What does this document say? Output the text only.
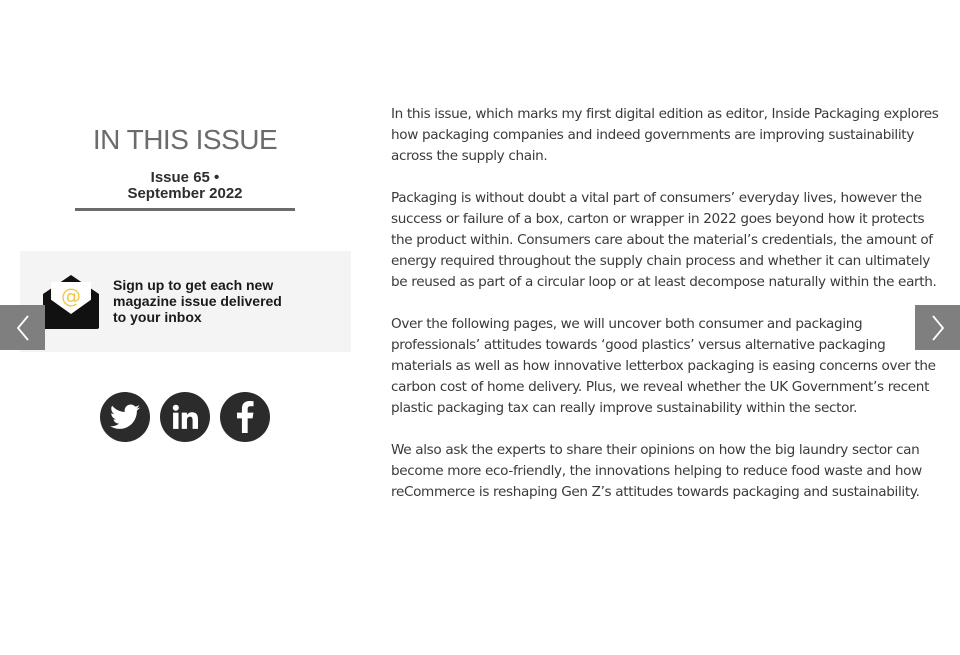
IN THIS ISSUE
Issue 65 •
September 2022
@ Sign up to get each new
magazine issue delivered
to your inbox

In this issue, which marks my first digital edition as editor, Inside Packaging explores how packaging companies and indeed governments are improving sustainability across the supply chain.

Packaging is without doubt a vital part of consumers’ everyday lives, however the success or failure of a box, carton or wrapper in 2022 goes beyond how it protects the product within. Consumers care about the material’s credentials, the amount of energy required throughout the supply chain process and whether it can ultimately be reused as part of a circular loop or at least decompose naturally within the earth.

Over the following pages, we will uncover both consumer and packaging professionals’ attitudes towards ‘good plastics’ versus alternative packaging materials as well as how innovative letterbox packaging is easing concerns over the carbon cost of home delivery. Plus, we reveal whether the UK Government’s recent plastic packaging tax can really improve sustainability within the sector.

We also ask the experts to share their opinions on how the big laundry sector can become more eco-friendly, the innovations helping to reduce food waste and how reCommerce is reshaping Gen Z’s attitudes towards packaging and sustainability.
